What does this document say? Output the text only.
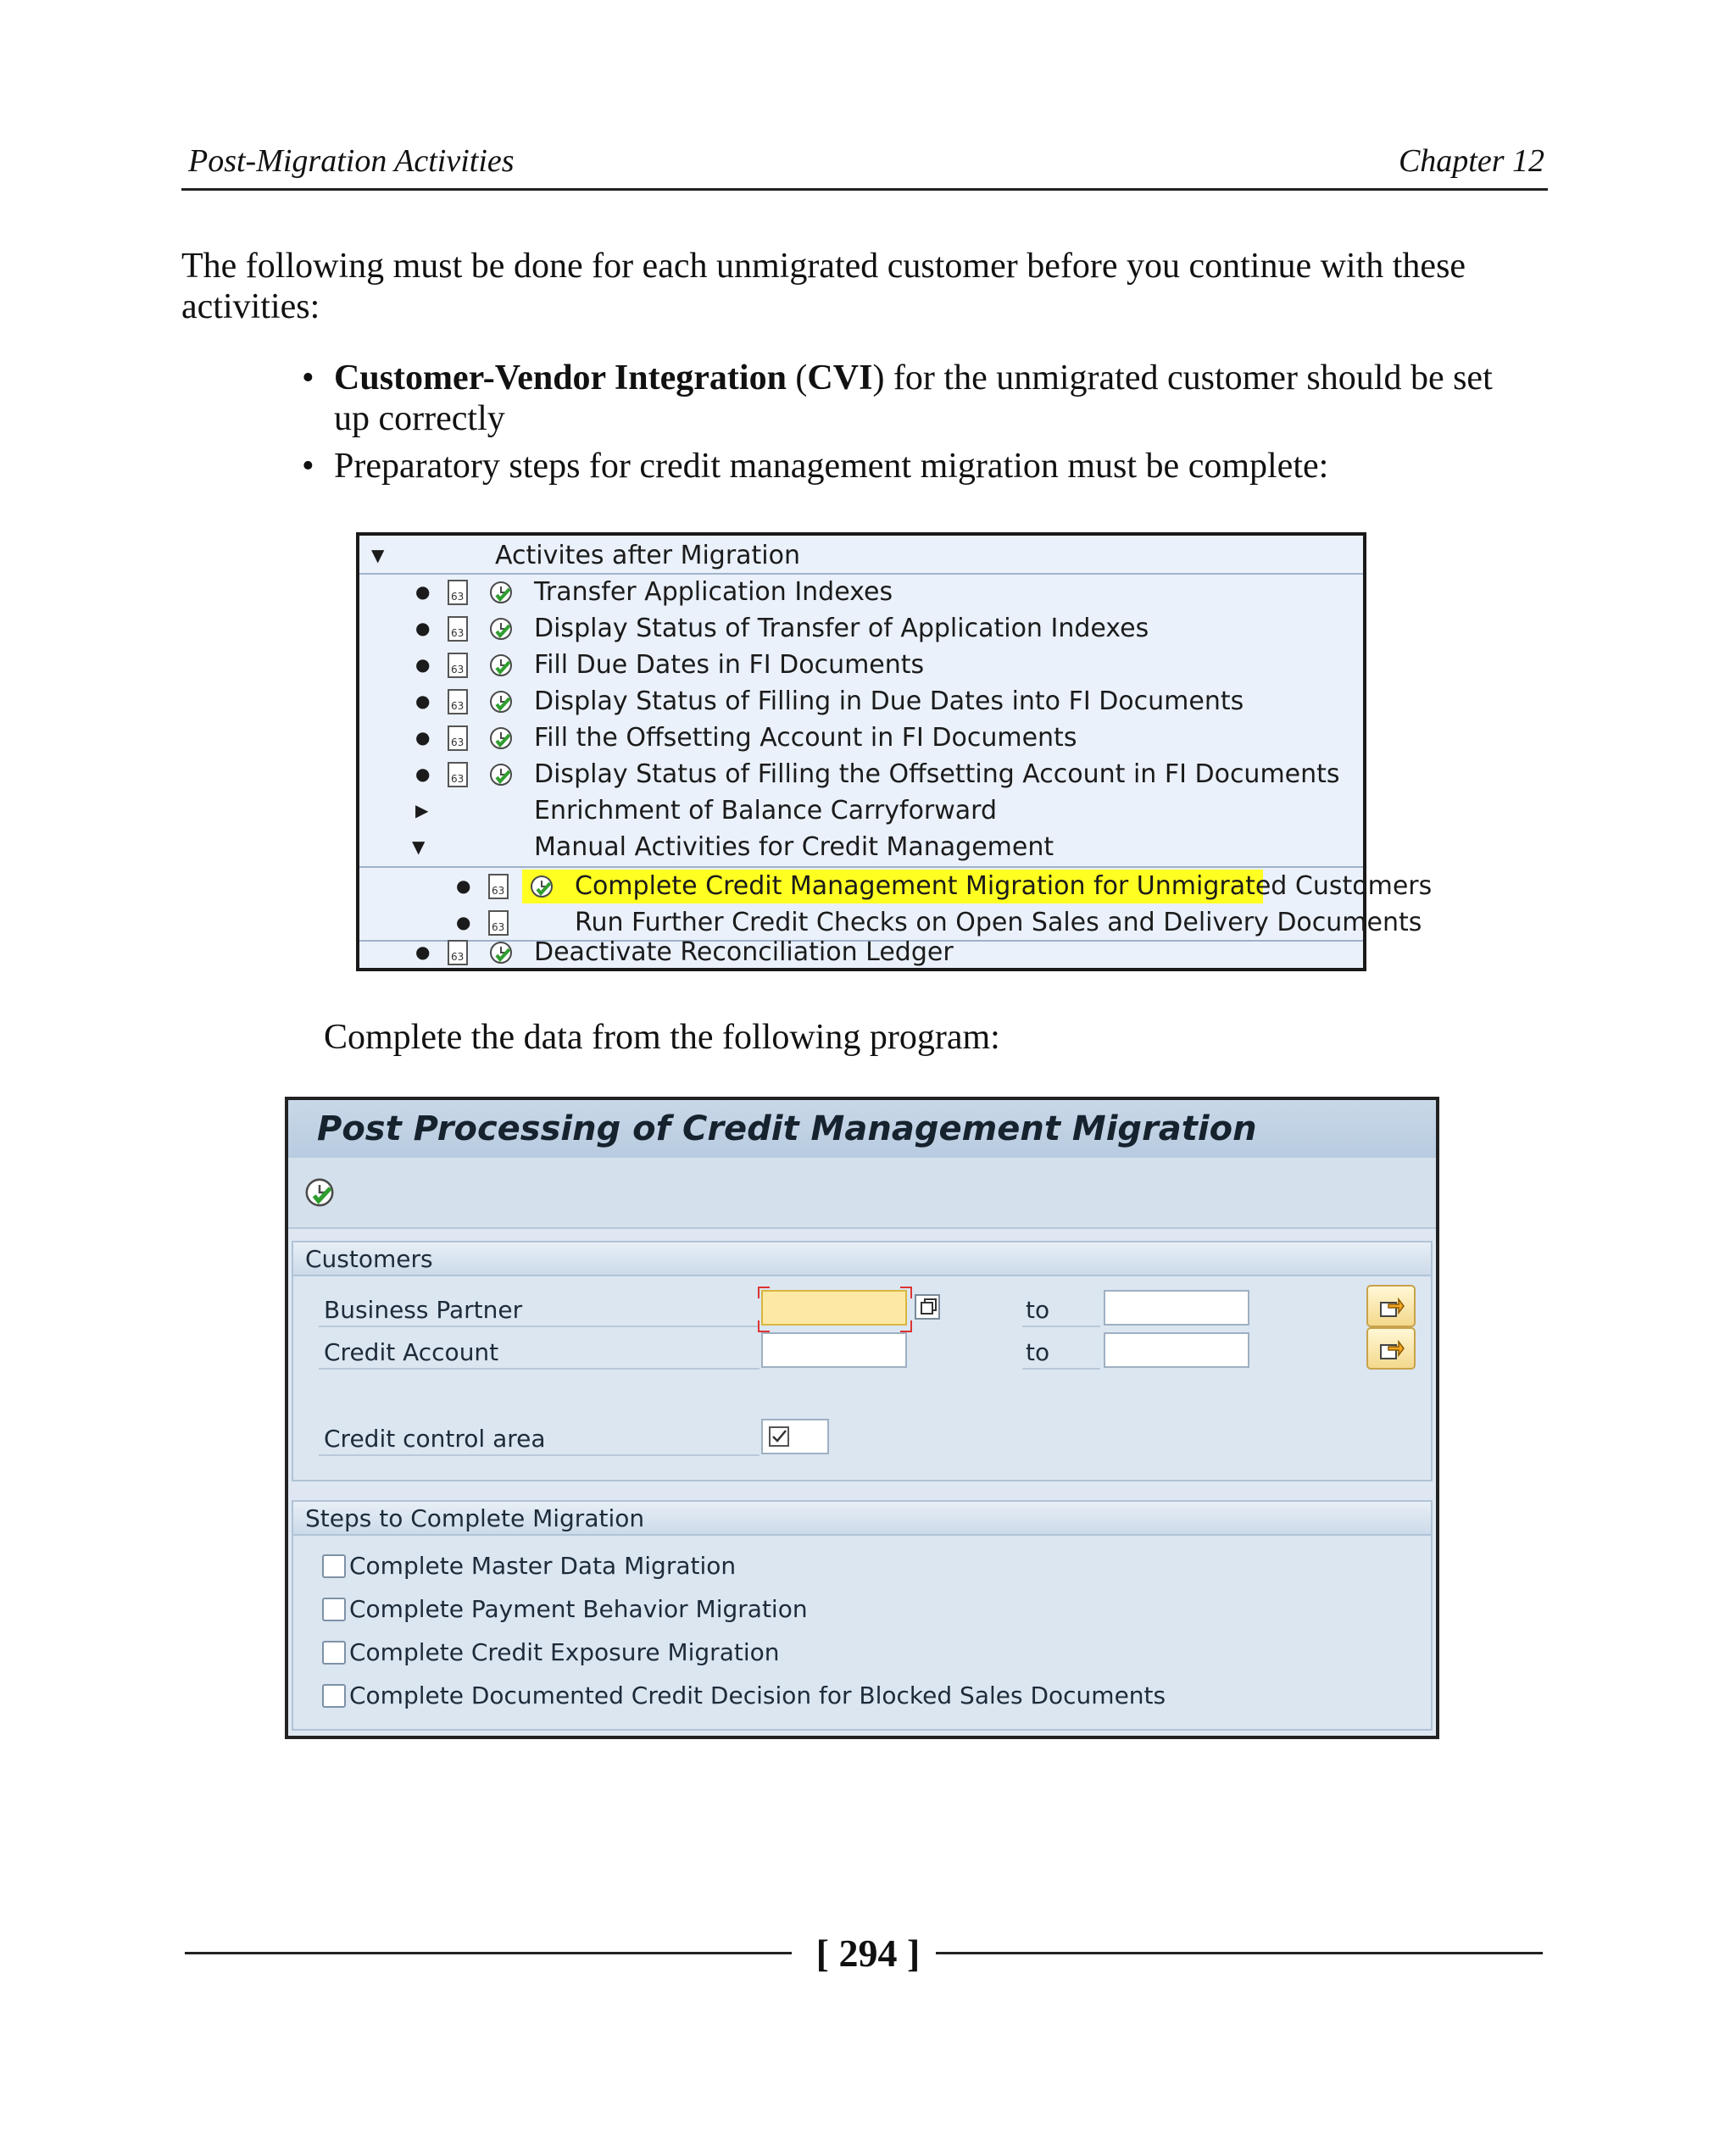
Post-Migration Activities	Chapter 12
The following must be done for each unmigrated customer before you continue with these
activities:
• Customer-Vendor Integration (CVI) for the unmigrated customer should be set
up correctly
• Preparatory steps for credit management migration must be complete:
▼	Activites after Migration
● 63	Transfer Application Indexes
● 63	Display Status of Transfer of Application Indexes
● 63	Fill Due Dates in FI Documents
● 63	Display Status of Filling in Due Dates into FI Documents
● 63	Fill the Offsetting Account in FI Documents
● 63	Display Status of Filling the Offsetting Account in FI Documents
▶	Enrichment of Balance Carryforward
▼	Manual Activities for Credit Management
● 63	Complete Credit Management Migration for Unmigrated Customers
● 63	Run Further Credit Checks on Open Sales and Delivery Documents
● 63	Deactivate Reconciliation Ledger
Complete the data from the following program:
Post Processing of Credit Management Migration
Customers
Business Partner	to
Credit Account	to
Credit control area
Steps to Complete Migration
Complete Master Data Migration
Complete Payment Behavior Migration
Complete Credit Exposure Migration
Complete Documented Credit Decision for Blocked Sales Documents
[ 294 ]
